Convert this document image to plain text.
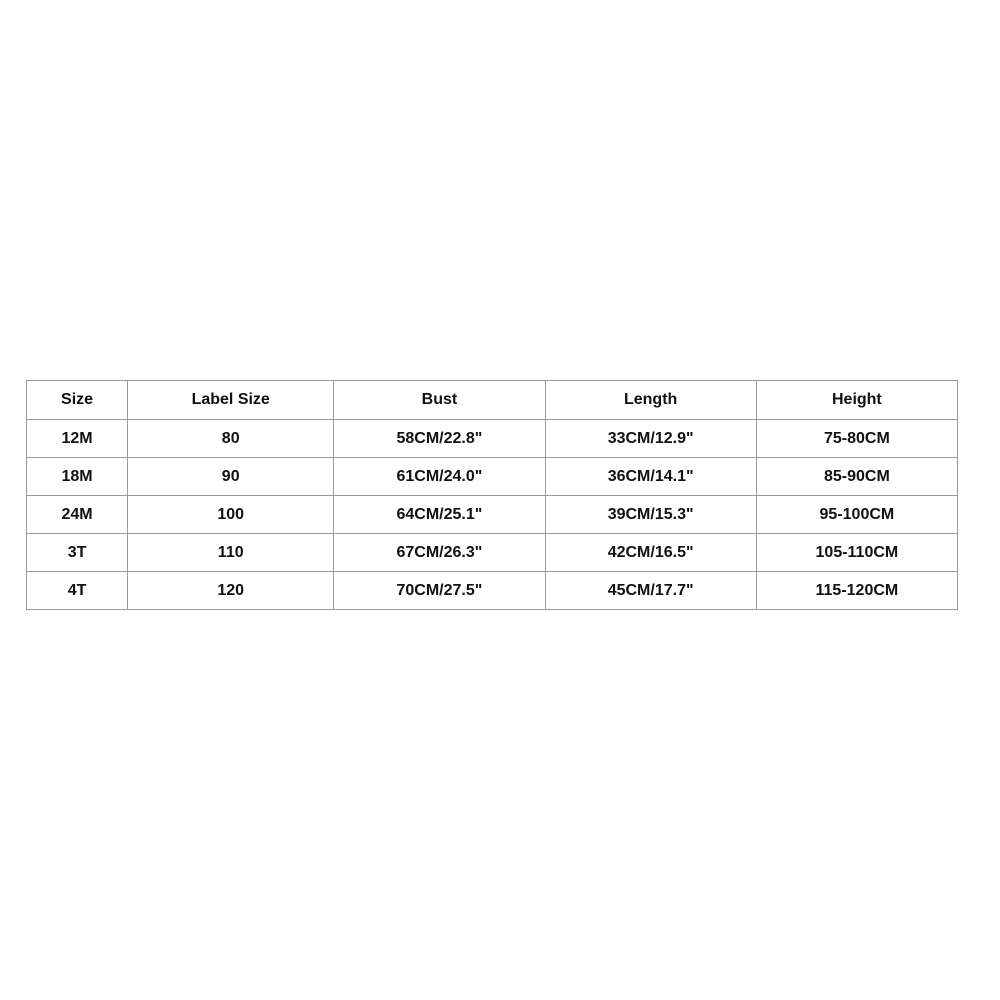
Size	Label Size	Bust	Length	Height
12M	80	58CM/22.8"	33CM/12.9"	75-80CM
18M	90	61CM/24.0"	36CM/14.1"	85-90CM
24M	100	64CM/25.1"	39CM/15.3"	95-100CM
3T	110	67CM/26.3"	42CM/16.5"	105-110CM
4T	120	70CM/27.5"	45CM/17.7"	115-120CM
